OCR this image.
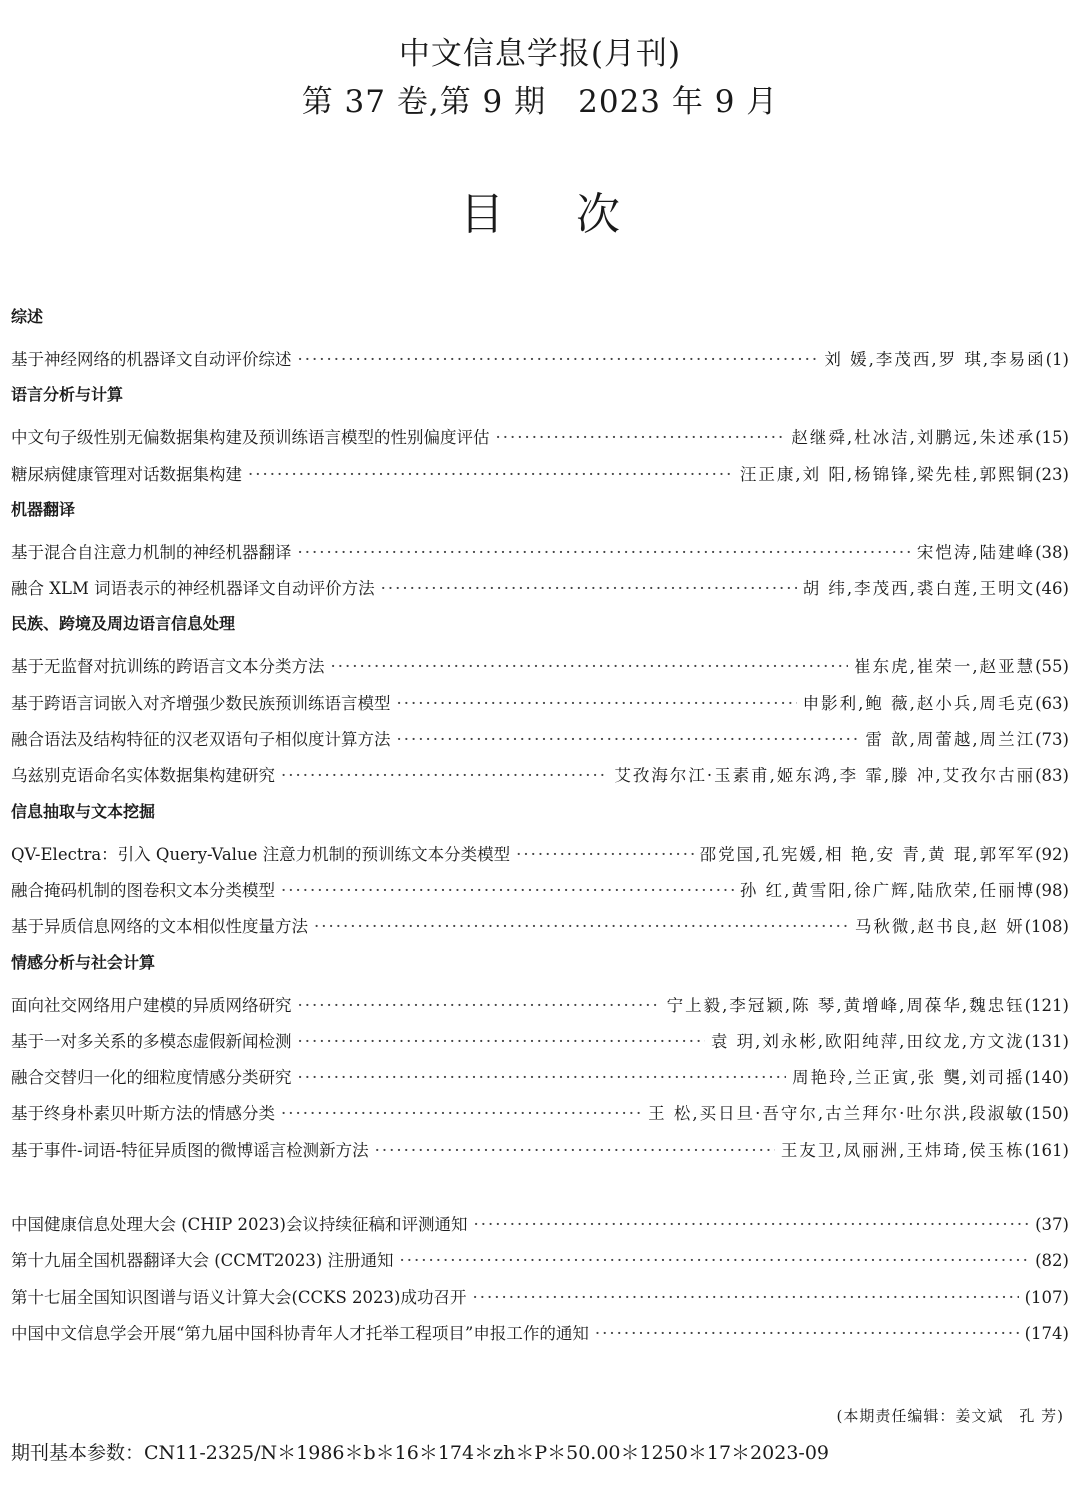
中文信息学报(月刊)
第 37 卷,第 9 期　2023 年 9 月
目次
综述
基于神经网络的机器译文自动评价综述 ·····	刘 媛,李茂西,罗 琪,李易函 (1)
语言分析与计算
中文句子级性别无偏数据集构建及预训练语言模型的性别偏度评估 ·····	赵继舜,杜冰洁,刘鹏远,朱述承 (15)
糖尿病健康管理对话数据集构建 ·····	汪正康,刘 阳,杨锦锋,梁先桂,郭熙铜 (23)
机器翻译
基于混合自注意力机制的神经机器翻译 ·····	宋恺涛,陆建峰 (38)
融合 XLM 词语表示的神经机器译文自动评价方法 ·····	胡 纬,李茂西,裘白莲,王明文 (46)
民族、跨境及周边语言信息处理
基于无监督对抗训练的跨语言文本分类方法 ·····	崔东虎,崔荣一,赵亚慧 (55)
基于跨语言词嵌入对齐增强少数民族预训练语言模型 ·····	申影利,鲍 薇,赵小兵,周毛克 (63)
融合语法及结构特征的汉老双语句子相似度计算方法 ·····	雷 歆,周蕾越,周兰江 (73)
乌兹别克语命名实体数据集构建研究 ·····	艾孜海尔江·玉素甫,姬东鸿,李 霏,滕 冲,艾孜尔古丽 (83)
信息抽取与文本挖掘
QV-Electra：引入 Query-Value 注意力机制的预训练文本分类模型 ·····	邵党国,孔宪媛,相 艳,安 青,黄 琨,郭军军 (92)
融合掩码机制的图卷积文本分类模型 ·····	孙 红,黄雪阳,徐广辉,陆欣荣,任丽博 (98)
基于异质信息网络的文本相似性度量方法 ·····	马秋微,赵书良,赵 妍 (108)
情感分析与社会计算
面向社交网络用户建模的异质网络研究 ·····	宁上毅,李冠颖,陈 琴,黄增峰,周葆华,魏忠钰 (121)
基于一对多关系的多模态虚假新闻检测 ·····	袁 玥,刘永彬,欧阳纯萍,田纹龙,方文泷 (131)
融合交替归一化的细粒度情感分类研究 ·····	周艳玲,兰正寅,张 龑,刘司摇 (140)
基于终身朴素贝叶斯方法的情感分类 ·····	王 松,买日旦·吾守尔,古兰拜尔·吐尔洪,段淑敏 (150)
基于事件-词语-特征异质图的微博谣言检测新方法 ·····	王友卫,凤丽洲,王炜琦,侯玉栋 (161)
中国健康信息处理大会 (CHIP 2023)会议持续征稿和评测通知 ·····	(37)
第十九届全国机器翻译大会 (CCMT2023) 注册通知 ·····	(82)
第十七届全国知识图谱与语义计算大会(CCKS 2023)成功召开 ·····	(107)
中国中文信息学会开展“第九届中国科协青年人才托举工程项目”申报工作的通知 ·····	(174)
(本期责任编辑：姜文斌　孔 芳)
期刊基本参数：CN11-2325/N＊1986＊b＊16＊174＊zh＊P＊50.00＊1250＊17＊2023-09
